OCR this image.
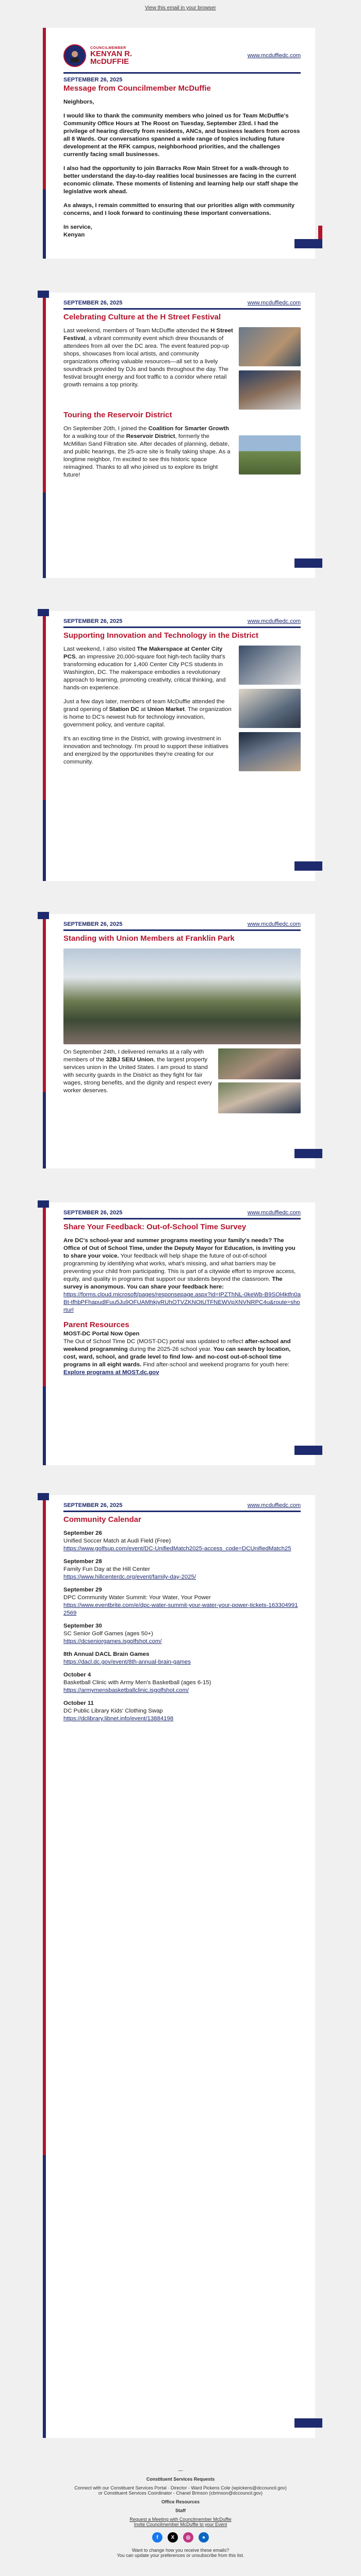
View this email in your browser
COUNCILMEMBER
KENYAN R.
McDUFFIE
www.mcduffiedc.com
SEPTEMBER 26, 2025
Message from Councilmember McDuffie

Neighbors,

I would like to thank the community members who joined us for Team McDuffie's Community Office Hours at The Roost on Tuesday, September 23rd. I had the privilege of hearing directly from residents, ANCs, and business leaders from across all 8 Wards. Our conversations spanned a wide range of topics including future development at the RFK campus, neighborhood priorities, and the challenges currently facing small businesses.

I also had the opportunity to join Barracks Row Main Street for a walk-through to better understand the day-to-day realities local businesses are facing in the current economic climate. These moments of listening and learning help our staff shape the legislative work ahead.

As always, I remain committed to ensuring that our priorities align with community concerns, and I look forward to continuing these important conversations.

In service,

Kenyan

SEPTEMBER 26, 2025	www.mcduffiedc.com
Celebrating Culture at the H Street Festival

Last weekend, members of Team McDuffie attended the H Street Festival, a vibrant community event which drew thousands of attendees from all over the DC area. The event featured pop-up shops, showcases from local artists, and community organizations offering valuable resources—all set to a lively soundtrack provided by DJs and bands throughout the day. The festival brought energy and foot traffic to a corridor where retail growth remains a top priority.

Touring the Reservoir District

On September 20th, I joined the Coalition for Smarter Growth for a walking tour of the Reservoir District, formerly the McMillan Sand Filtration site. After decades of planning, debate, and public hearings, the 25-acre site is finally taking shape. As a longtime neighbor, I'm excited to see this historic space reimagined. Thanks to all who joined us to explore its bright future!

SEPTEMBER 26, 2025	www.mcduffiedc.com
Supporting Innovation and Technology in the District

Last weekend, I also visited The Makerspace at Center City PCS, an impressive 20,000-square foot high-tech facility that's transforming education for 1,400 Center City PCS students in Washington, DC. The makerspace embodies a revolutionary approach to learning, promoting creativity, critical thinking, and hands-on experience.

Just a few days later, members of team McDuffie attended the grand opening of Station DC at Union Market. The organization is home to DC's newest hub for technology innovation, government policy, and venture capital.

It's an exciting time in the District, with growing investment in innovation and technology. I'm proud to support these initiatives and energized by the opportunities they're creating for our community.

SEPTEMBER 26, 2025	www.mcduffiedc.com
Standing with Union Members at Franklin Park

On September 24th, I delivered remarks at a rally with members of the 32BJ SEIU Union, the largest property services union in the United States. I am proud to stand with security guards in the District as they fight for fair wages, strong benefits, and the dignity and respect every worker deserves.

SEPTEMBER 26, 2025	www.mcduffiedc.com
Share Your Feedback: Out-of-School Time Survey

Are DC's school-year and summer programs meeting your family's needs? The Office of Out of School Time, under the Deputy Mayor for Education, is inviting you to share your voice. Your feedback will help shape the future of out-of-school programming by identifying what works, what's missing, and what barriers may be preventing your child from participating. This is part of a citywide effort to improve access, equity, and quality in programs that support our students beyond the classroom. The survey is anonymous. You can share your feedback here:
https://forms.cloud.microsoft/pages/responsepage.aspx?id=IPZThNL-0keWb-B9SOl4ktfn0aBt-tfhbPFhapudlFuu5Ju9OFUAMhkjyRUhOTVZKNOtUTFNEWVpXNVNRPC4u&route=shorturl

Parent Resources
MOST-DC Portal Now Open

The Out of School Time DC (MOST-DC) portal was updated to reflect after-school and weekend programming during the 2025-26 school year. You can search by location, cost, ward, school, and grade level to find low- and no-cost out-of-school time programs in all eight wards. Find after-school and weekend programs for youth here: Explore programs at MOST.dc.gov

SEPTEMBER 26, 2025	www.mcduffiedc.com
Community Calendar
September 26
Unified Soccer Match at Audi Field (Free)
https://www.golfsup.com/event/DC-UnifiedMatch2025-access_code=DCUnifiedMatch25
September 28
Family Fun Day at the Hill Center
https://www.hillcenterdc.org/event/family-day-2025/
September 29
DPC Community Water Summit: Your Water, Your Power
https://www.eventbrite.com/e/dpc-water-summit-your-water-your-power-tickets-1633049912569
September 30
SC Senior Golf Games (ages 50+)
https://dcseniorgames.isgolfshot.com/
8th Annual DACL Brain Games
https://dacl.dc.gov/event/8th-annual-brain-games
October 4
Basketball Clinic with Army Men's Basketball (ages 6-15)
https://armymensbasketballclinic.isgolfshot.com/
October 11
DC Public Library Kids' Clothing Swap
https://dclibrary.libnet.info/event/13884198
—
Constituent Services Requests
Connect with our Constituent Services Portal · Director - Ward Pickens Cole (wpickens@dccouncil.gov)
or Constituent Services Coordinator - Chanel Brinson (cbrinson@dccouncil.gov)
Office Resources
Staff
Request a Meeting with Councilmember McDuffie
Invite Councilmember McDuffie to your Event
f	X	◎	●
Want to change how you receive these emails?
You can update your preferences or unsubscribe from this list.
